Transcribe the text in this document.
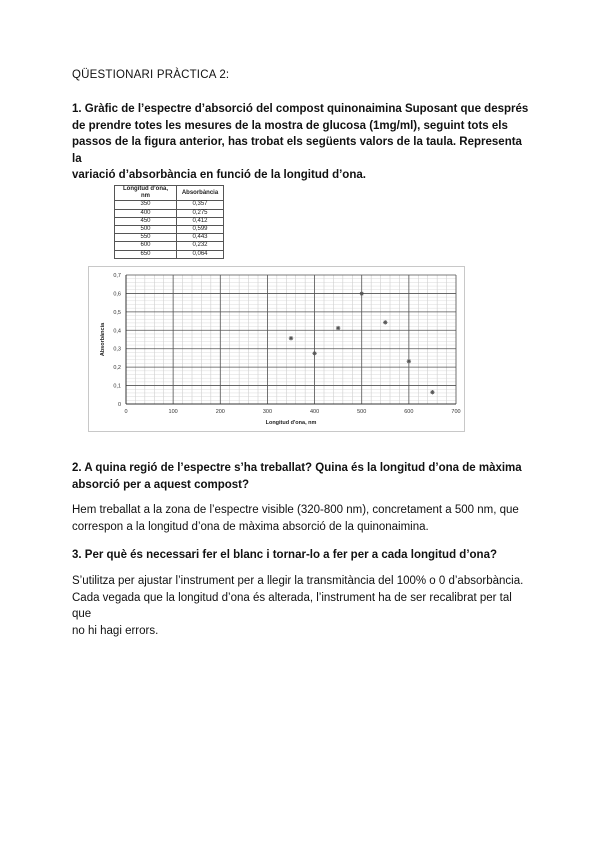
QÜESTIONARI PRÀCTICA 2:
1. Gràfic de l’espectre d’absorció del compost quinonaimina Suposant que després
de prendre totes les mesures de la mostra de glucosa (1mg/ml), seguint tots els
passos de la figura anterior, has trobat els següents valors de la taula. Representa la
variació d’absorbància en funció de la longitud d’ona.
Longitud d’ona, nm	Absorbància
350	0,357
400	0,275
450	0,412
500	0,599
550	0,443
600	0,232
650	0,064
0	100	200	300	400	500	600	700
0
0,1
0,2
0,3
0,4
0,5
0,6
0,7
Longitud d'ona, nm
Absorbància
2. A quina regió de l’espectre s’ha treballat? Quina és la longitud d’ona de màxima
absorció per a aquest compost?
Hem treballat a la zona de l’espectre visible (320-800 nm), concretament a 500 nm, que
correspon a la longitud d’ona de màxima absorció de la quinonaimina.
3. Per què és necessari fer el blanc i tornar-lo a fer per a cada longitud d’ona?
S’utilitza per ajustar l’instrument per a llegir la transmitància del 100% o 0 d’absorbància.
Cada vegada que la longitud d’ona és alterada, l’instrument ha de ser recalibrat per tal que
no hi hagi errors.
